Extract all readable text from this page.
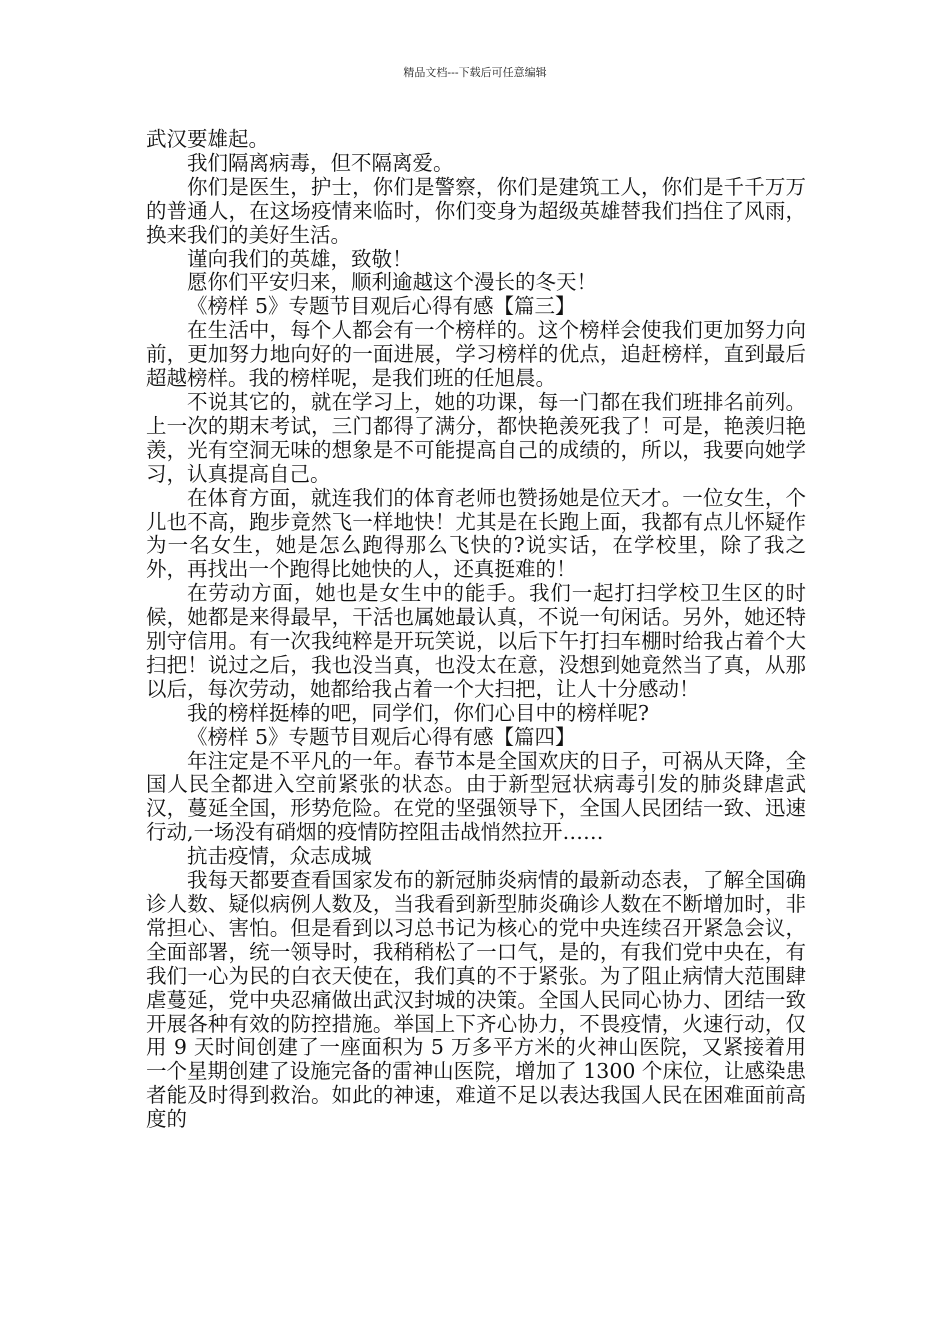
精品文档---下载后可任意编辑

武汉要雄起。

我们隔离病毒，但不隔离爱。

你们是医生，护士，你们是警察，你们是建筑工人，你们是千千万万的普通人，在这场疫情来临时，你们变身为超级英雄替我们挡住了风雨，换来我们的美好生活。

谨向我们的英雄，致敬！

愿你们平安归来，顺利逾越这个漫长的冬天！

《榜样 5》专题节目观后心得有感【篇三】

在生活中，每个人都会有一个榜样的。这个榜样会使我们更加努力向前，更加努力地向好的一面进展，学习榜样的优点，追赶榜样，直到最后超越榜样。我的榜样呢，是我们班的任旭晨。

不说其它的，就在学习上，她的功课，每一门都在我们班排名前列。上一次的期末考试，三门都得了满分，都快艳羡死我了！可是，艳羡归艳羡，光有空洞无味的想象是不可能提高自己的成绩的，所以，我要向她学习，认真提高自己。

在体育方面，就连我们的体育老师也赞扬她是位天才。一位女生，个儿也不高，跑步竟然飞一样地快！尤其是在长跑上面，我都有点儿怀疑作为一名女生，她是怎么跑得那么飞快的?说实话，在学校里，除了我之外，再找出一个跑得比她快的人，还真挺难的！

在劳动方面，她也是女生中的能手。我们一起打扫学校卫生区的时候，她都是来得最早，干活也属她最认真，不说一句闲话。另外，她还特别守信用。有一次我纯粹是开玩笑说，以后下午打扫车棚时给我占着个大扫把！说过之后，我也没当真，也没太在意，没想到她竟然当了真，从那以后，每次劳动，她都给我占着一个大扫把，让人十分感动！

我的榜样挺棒的吧，同学们，你们心目中的榜样呢?

《榜样 5》专题节目观后心得有感【篇四】

年注定是不平凡的一年。春节本是全国欢庆的日子，可祸从天降，全国人民全都进入空前紧张的状态。由于新型冠状病毒引发的肺炎肆虐武汉，蔓延全国，形势危险。在党的坚强领导下，全国人民团结一致、迅速行动,一场没有硝烟的疫情防控阻击战悄然拉开……

抗击疫情，众志成城

我每天都要查看国家发布的新冠肺炎病情的最新动态表，了解全国确诊人数、疑似病例人数及，当我看到新型肺炎确诊人数在不断增加时，非常担心、害怕。但是看到以习总书记为核心的党中央连续召开紧急会议，全面部署，统一领导时，我稍稍松了一口气，是的，有我们党中央在，有我们一心为民的白衣天使在，我们真的不于紧张。为了阻止病情大范围肆虐蔓延，党中央忍痛做出武汉封城的决策。全国人民同心协力、团结一致开展各种有效的防控措施。举国上下齐心协力，不畏疫情，火速行动，仅用 9 天时间创建了一座面积为 5 万多平方米的火神山医院，又紧接着用一个星期创建了设施完备的雷神山医院，增加了 1300 个床位，让感染患者能及时得到救治。如此的神速，难道不足以表达我国人民在困难面前高度的
